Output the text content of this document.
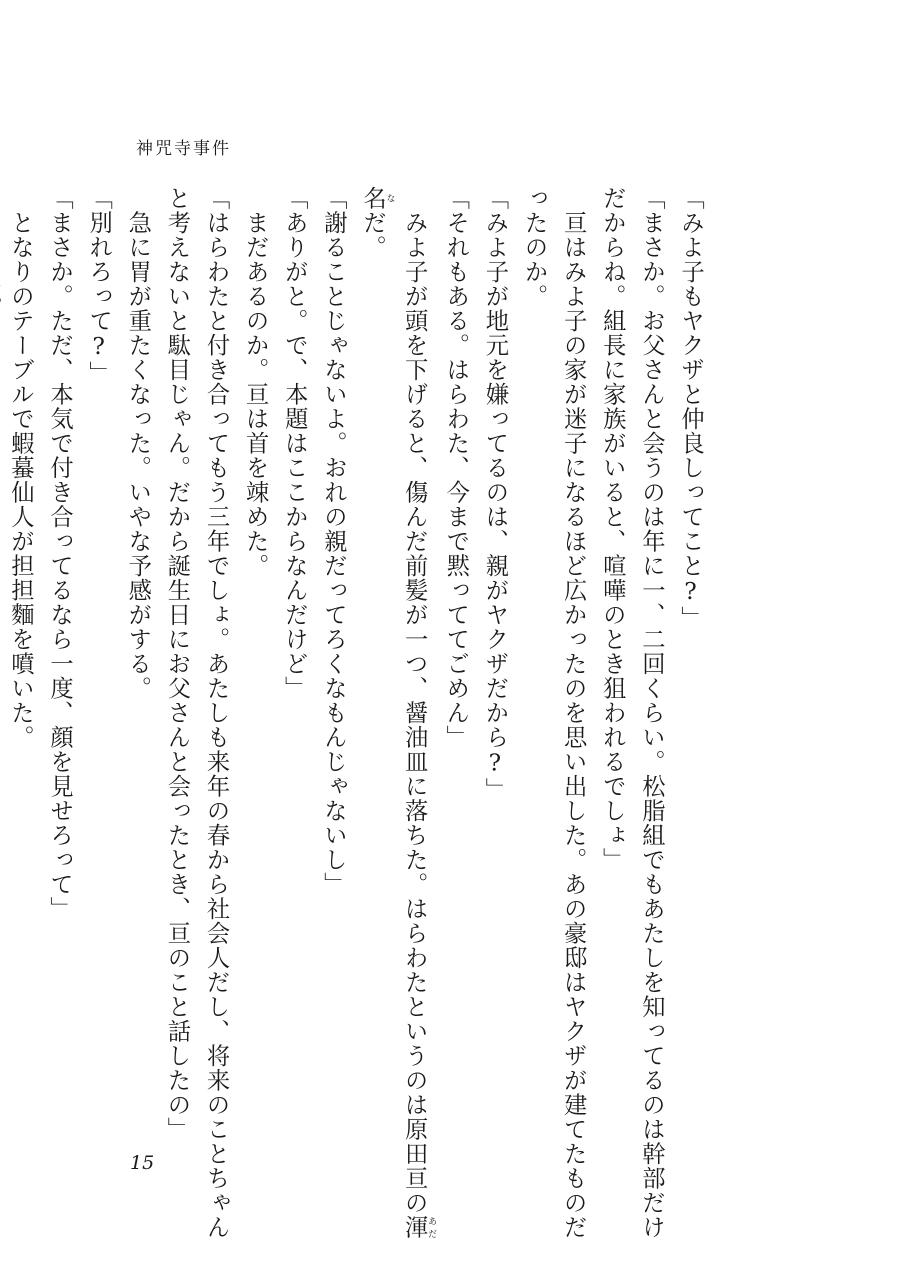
神咒寺事件
「みよ子もヤクザと仲良しってこと?」
「まさか。お父さんと会うのは年に一、二回くらい。松脂組でもあたしを知ってるのは幹部だけ
だからね。組長に家族がいると、喧嘩のとき狙われるでしょ」
　亘はみよ子の家が迷子になるほど広かったのを思い出した。あの豪邸はヤクザが建てたものだ
ったのか。
「みよ子が地元を嫌ってるのは、親がヤクザだから?」
「それもある。はらわた、今まで黙っててごめん」
　みよ子が頭を下げると、傷んだ前髪が一つ、醤油皿に落ちた。はらわたというのは原田亘の渾あだ
名なだ。
「謝ることじゃないよ。おれの親だってろくなもんじゃないし」
「ありがと。で、本題はここからなんだけど」
　まだあるのか。亘は首を竦めた。
「はらわたと付き合ってもう三年でしょ。あたしも来年の春から社会人だし、将来のことちゃん
と考えないと駄目じゃん。だから誕生日にお父さんと会ったとき、亘のこと話したの」
　急に胃が重たくなった。いやな予感がする。
「別れろって?」
「まさか。ただ、本気で付き合ってるなら一度、顔を見せろって」
　となりのテーブルで蝦蟇仙人が担担麵を噴いた。
15
